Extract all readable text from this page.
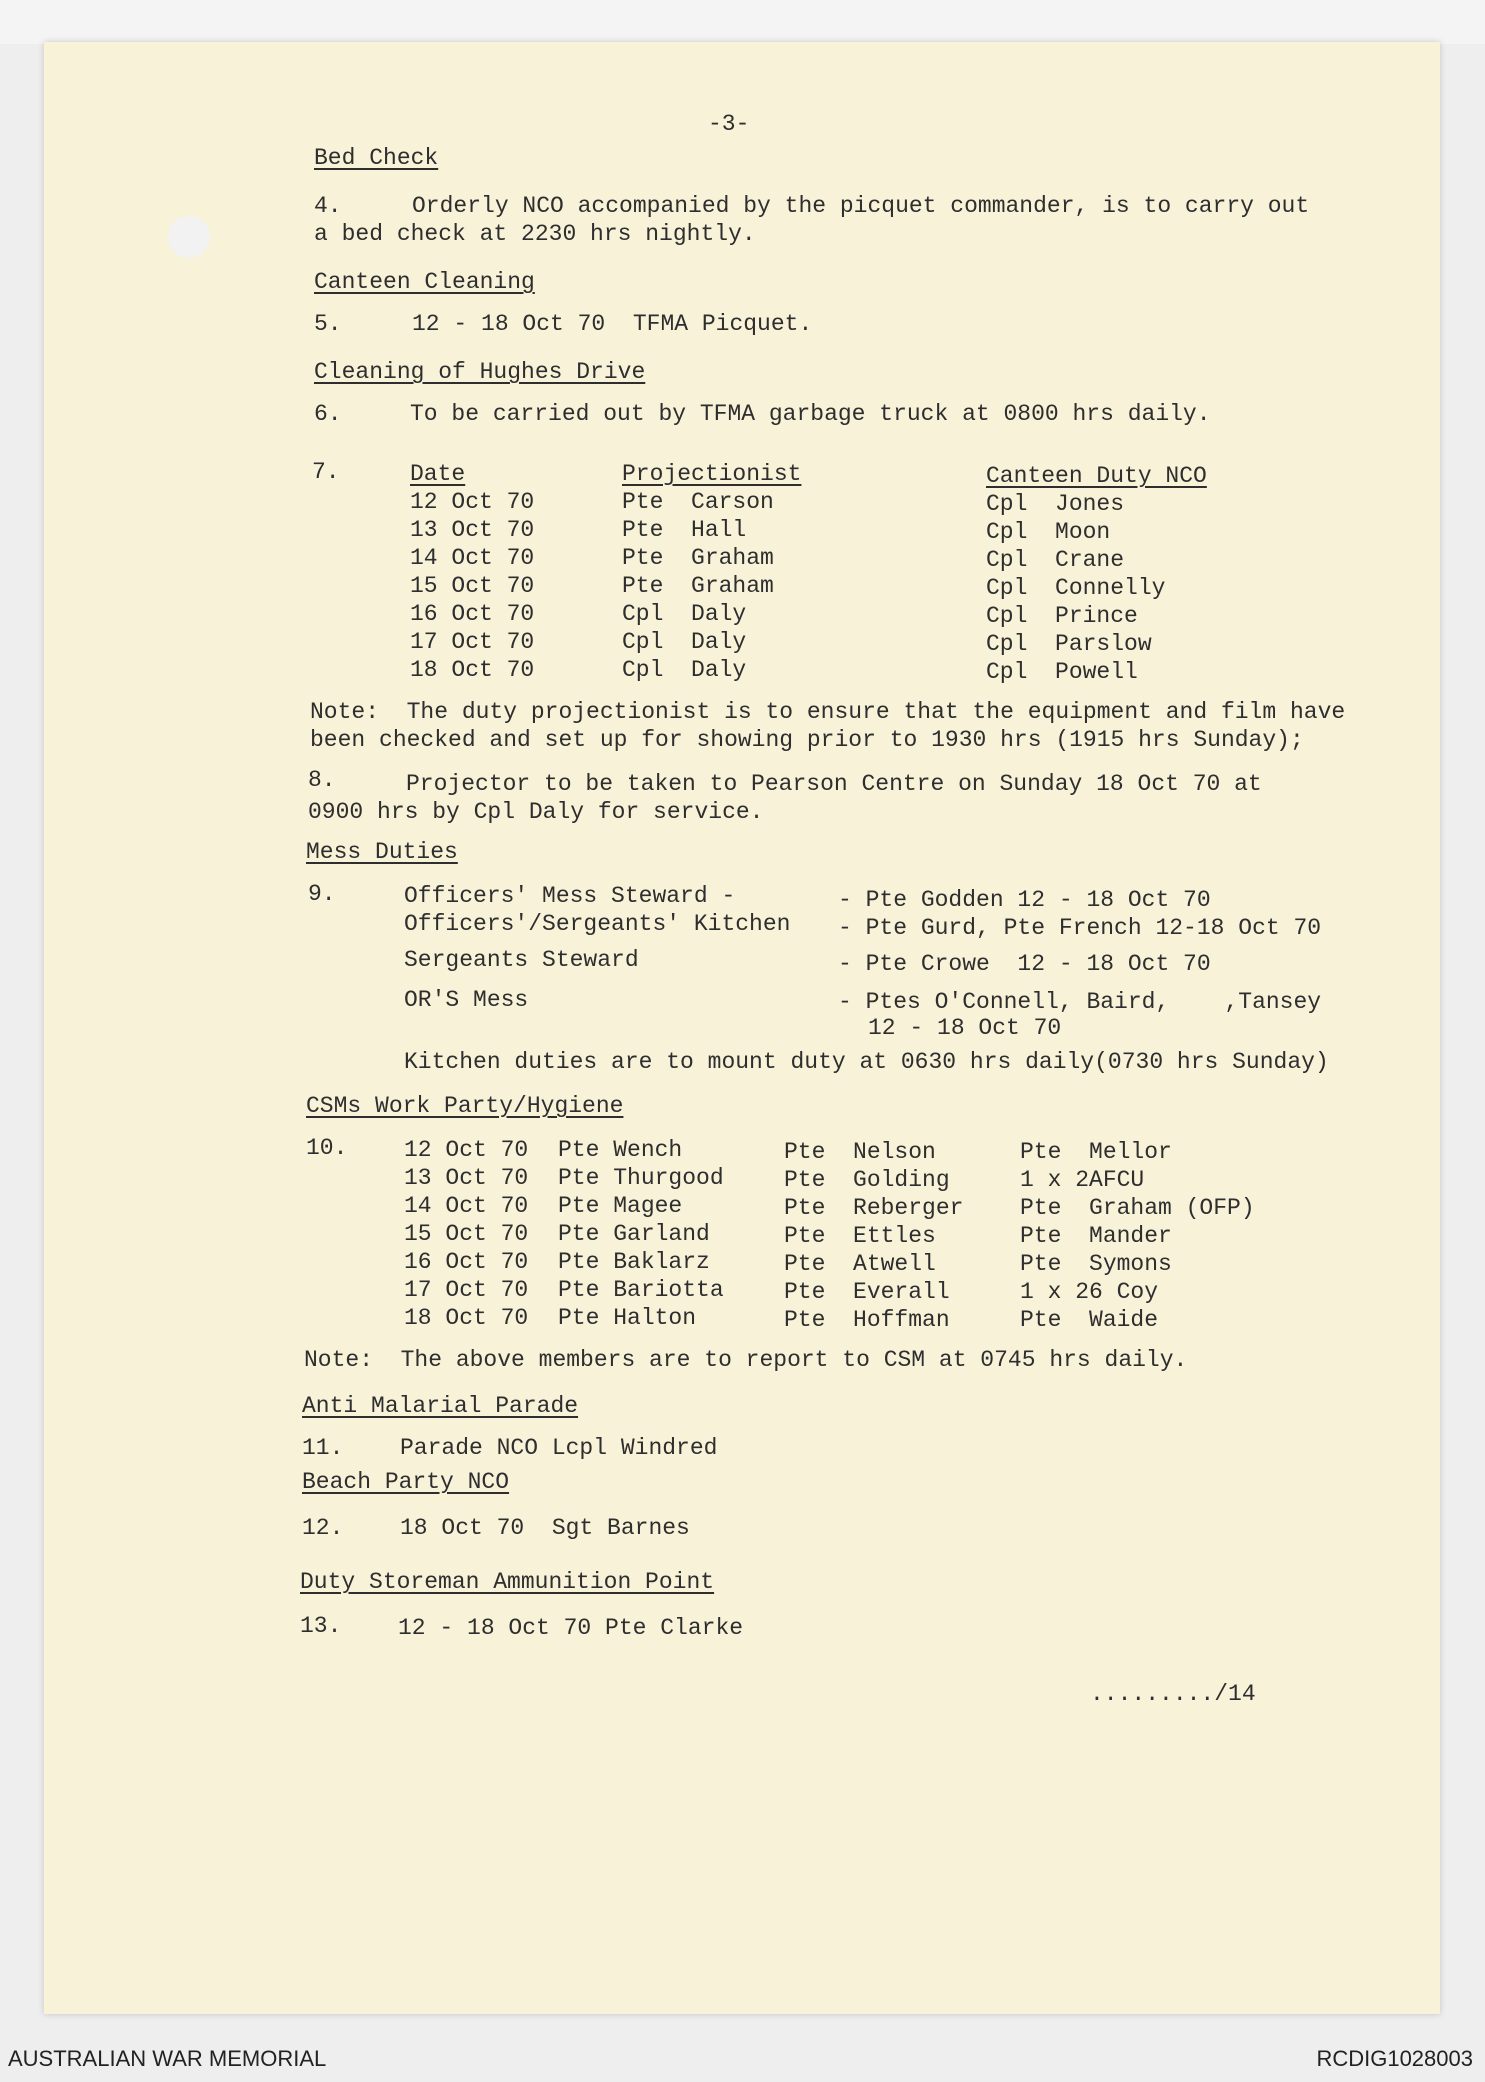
-3-
Bed Check
4.	Orderly NCO accompanied by the picquet commander, is to carry out
a bed check at 2230 hrs nightly.
Canteen Cleaning
5.	12 - 18 Oct 70  TFMA Picquet.
Cleaning of Hughes Drive
6.	To be carried out by TFMA garbage truck at 0800 hrs daily.
7.	Date	Projectionist	Canteen Duty NCO
12 Oct 70	Pte  Carson	Cpl  Jones
13 Oct 70	Pte  Hall	Cpl  Moon
14 Oct 70	Pte  Graham	Cpl  Crane
15 Oct 70	Pte  Graham	Cpl  Connelly
16 Oct 70	Cpl  Daly	Cpl  Prince
17 Oct 70	Cpl  Daly	Cpl  Parslow
18 Oct 70	Cpl  Daly	Cpl  Powell
Note:  The duty projectionist is to ensure that the equipment and film have
been checked and set up for showing prior to 1930 hrs (1915 hrs Sunday);
8.	Projector to be taken to Pearson Centre on Sunday 18 Oct 70 at
0900 hrs by Cpl Daly for service.
Mess Duties
9.	Officers' Mess Steward -	- Pte Godden 12 - 18 Oct 70
Officers'/Sergeants' Kitchen - Pte Gurd, Pte French 12-18 Oct 70
Sergeants Steward	- Pte Crowe  12 - 18 Oct 70
OR'S Mess	- Ptes O'Connell, Baird,    ,Tansey
12 - 18 Oct 70
Kitchen duties are to mount duty at 0630 hrs daily(0730 hrs Sunday)
CSMs Work Party/Hygiene
10. 12 Oct 70 Pte Wench	Pte  Nelson	Pte  Mellor
13 Oct 70 Pte Thurgood	Pte  Golding	1 x 2AFCU
14 Oct 70 Pte Magee	Pte  Reberger Pte  Graham (OFP)
15 Oct 70 Pte Garland	Pte  Ettles	Pte  Mander
16 Oct 70 Pte Baklarz	Pte  Atwell	Pte  Symons
17 Oct 70 Pte Bariotta	Pte  Everall	1 x 26 Coy
18 Oct 70 Pte Halton	Pte  Hoffman	Pte  Waide
Note:  The above members are to report to CSM at 0745 hrs daily.
Anti Malarial Parade
11. Parade NCO Lcpl Windred
Beach Party NCO
12. 18 Oct 70  Sgt Barnes
Duty Storeman Ammunition Point
13. 12 - 18 Oct 70 Pte Clarke
........./14
AUSTRALIAN WAR MEMORIAL	RCDIG1028003
